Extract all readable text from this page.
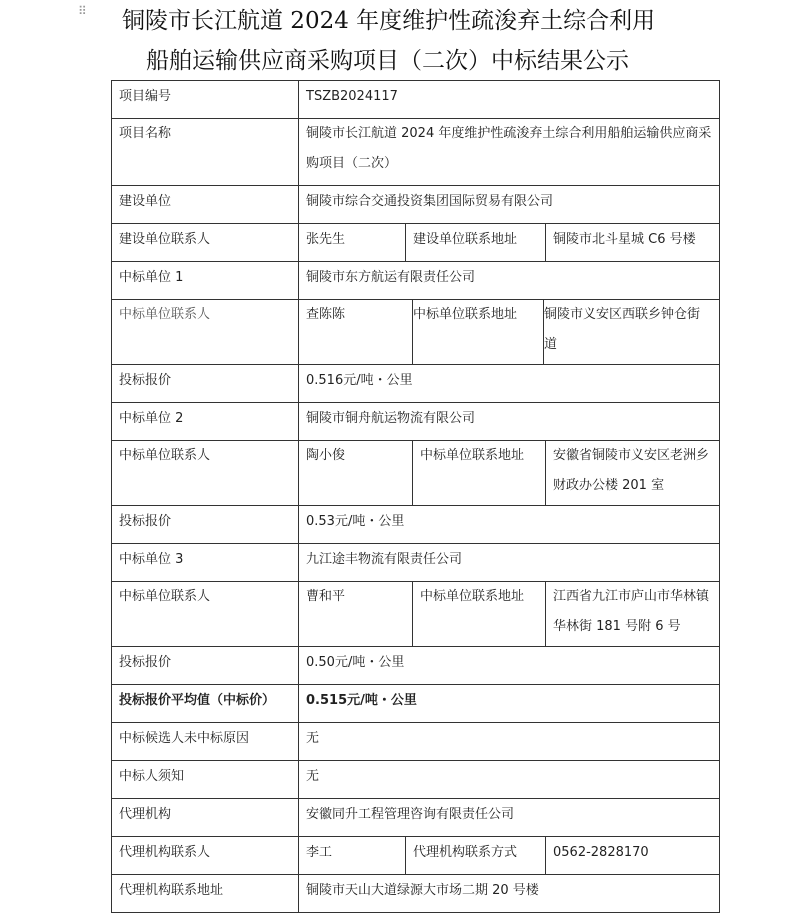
⠿ 铜陵市长江航道 2024 年度维护性疏浚弃土综合利用
船舶运输供应商采购项目（二次）中标结果公示
项目编号	TSZB2024117
项目名称	铜陵市长江航道 2024 年度维护性疏浚弃土综合利用船舶运输供应商采购项目（二次）
建设单位	铜陵市综合交通投资集团国际贸易有限公司
建设单位联系人	张先生	建设单位联系地址	铜陵市北斗星城 C6 号楼
中标单位 1	铜陵市东方航运有限责任公司
中标单位联系人	查陈陈	中标单位联系地址	铜陵市义安区西联乡钟仓街道
投标报价	0.516元/吨・公里
中标单位 2	铜陵市铜舟航运物流有限公司
中标单位联系人	陶小俊	中标单位联系地址	安徽省铜陵市义安区老洲乡财政办公楼 201 室
投标报价	0.53元/吨・公里
中标单位 3	九江途丰物流有限责任公司
中标单位联系人	曹和平	中标单位联系地址	江西省九江市庐山市华林镇华林街 181 号附 6 号
投标报价	0.50元/吨・公里
投标报价平均值（中标价）	0.515元/吨・公里
中标候选人未中标原因	无
中标人须知	无
代理机构	安徽同升工程管理咨询有限责任公司
代理机构联系人	李工	代理机构联系方式	0562-2828170
代理机构联系地址	铜陵市天山大道绿源大市场二期 20 号楼
